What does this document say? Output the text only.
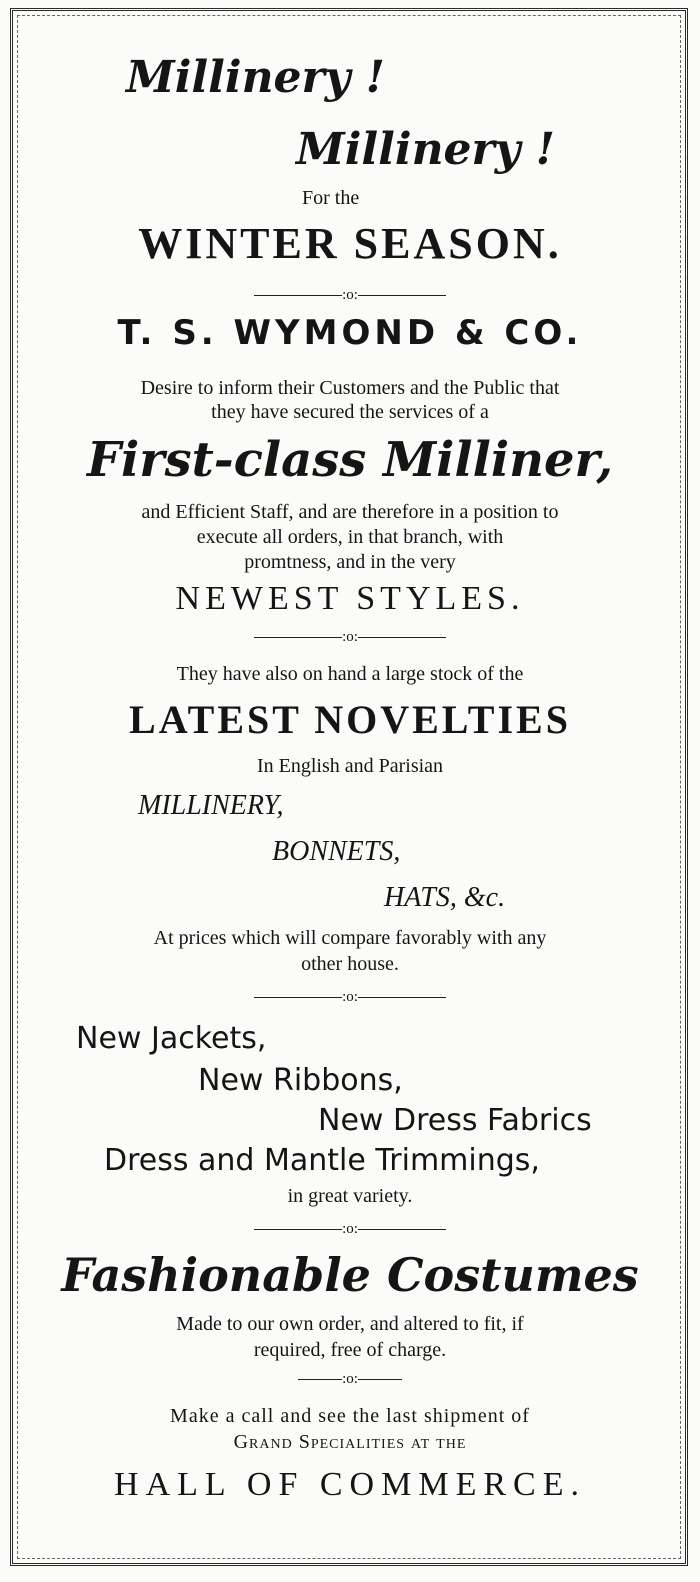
Millinery !
Millinery !
For the
WINTER SEASON.
:o:
T. S. WYMOND & CO.
Desire to inform their Customers and the Public that
they have secured the services of a
First-class Milliner,
and Efficient Staff, and are therefore in a position to
execute all orders, in that branch, with
promtness, and in the very
NEWEST STYLES.
:o:
They have also on hand a large stock of the
LATEST NOVELTIES
In English and Parisian
MILLINERY,
BONNETS,
HATS, &c.
At prices which will compare favorably with any
other house.
:o:
New Jackets,
New Ribbons,
New Dress Fabrics
Dress and Mantle Trimmings,
in great variety.
:o:
Fashionable Costumes
Made to our own order, and altered to fit, if
required, free of charge.
:o:
Make a call and see the last shipment of
Grand Specialities at the
HALL OF COMMERCE.
